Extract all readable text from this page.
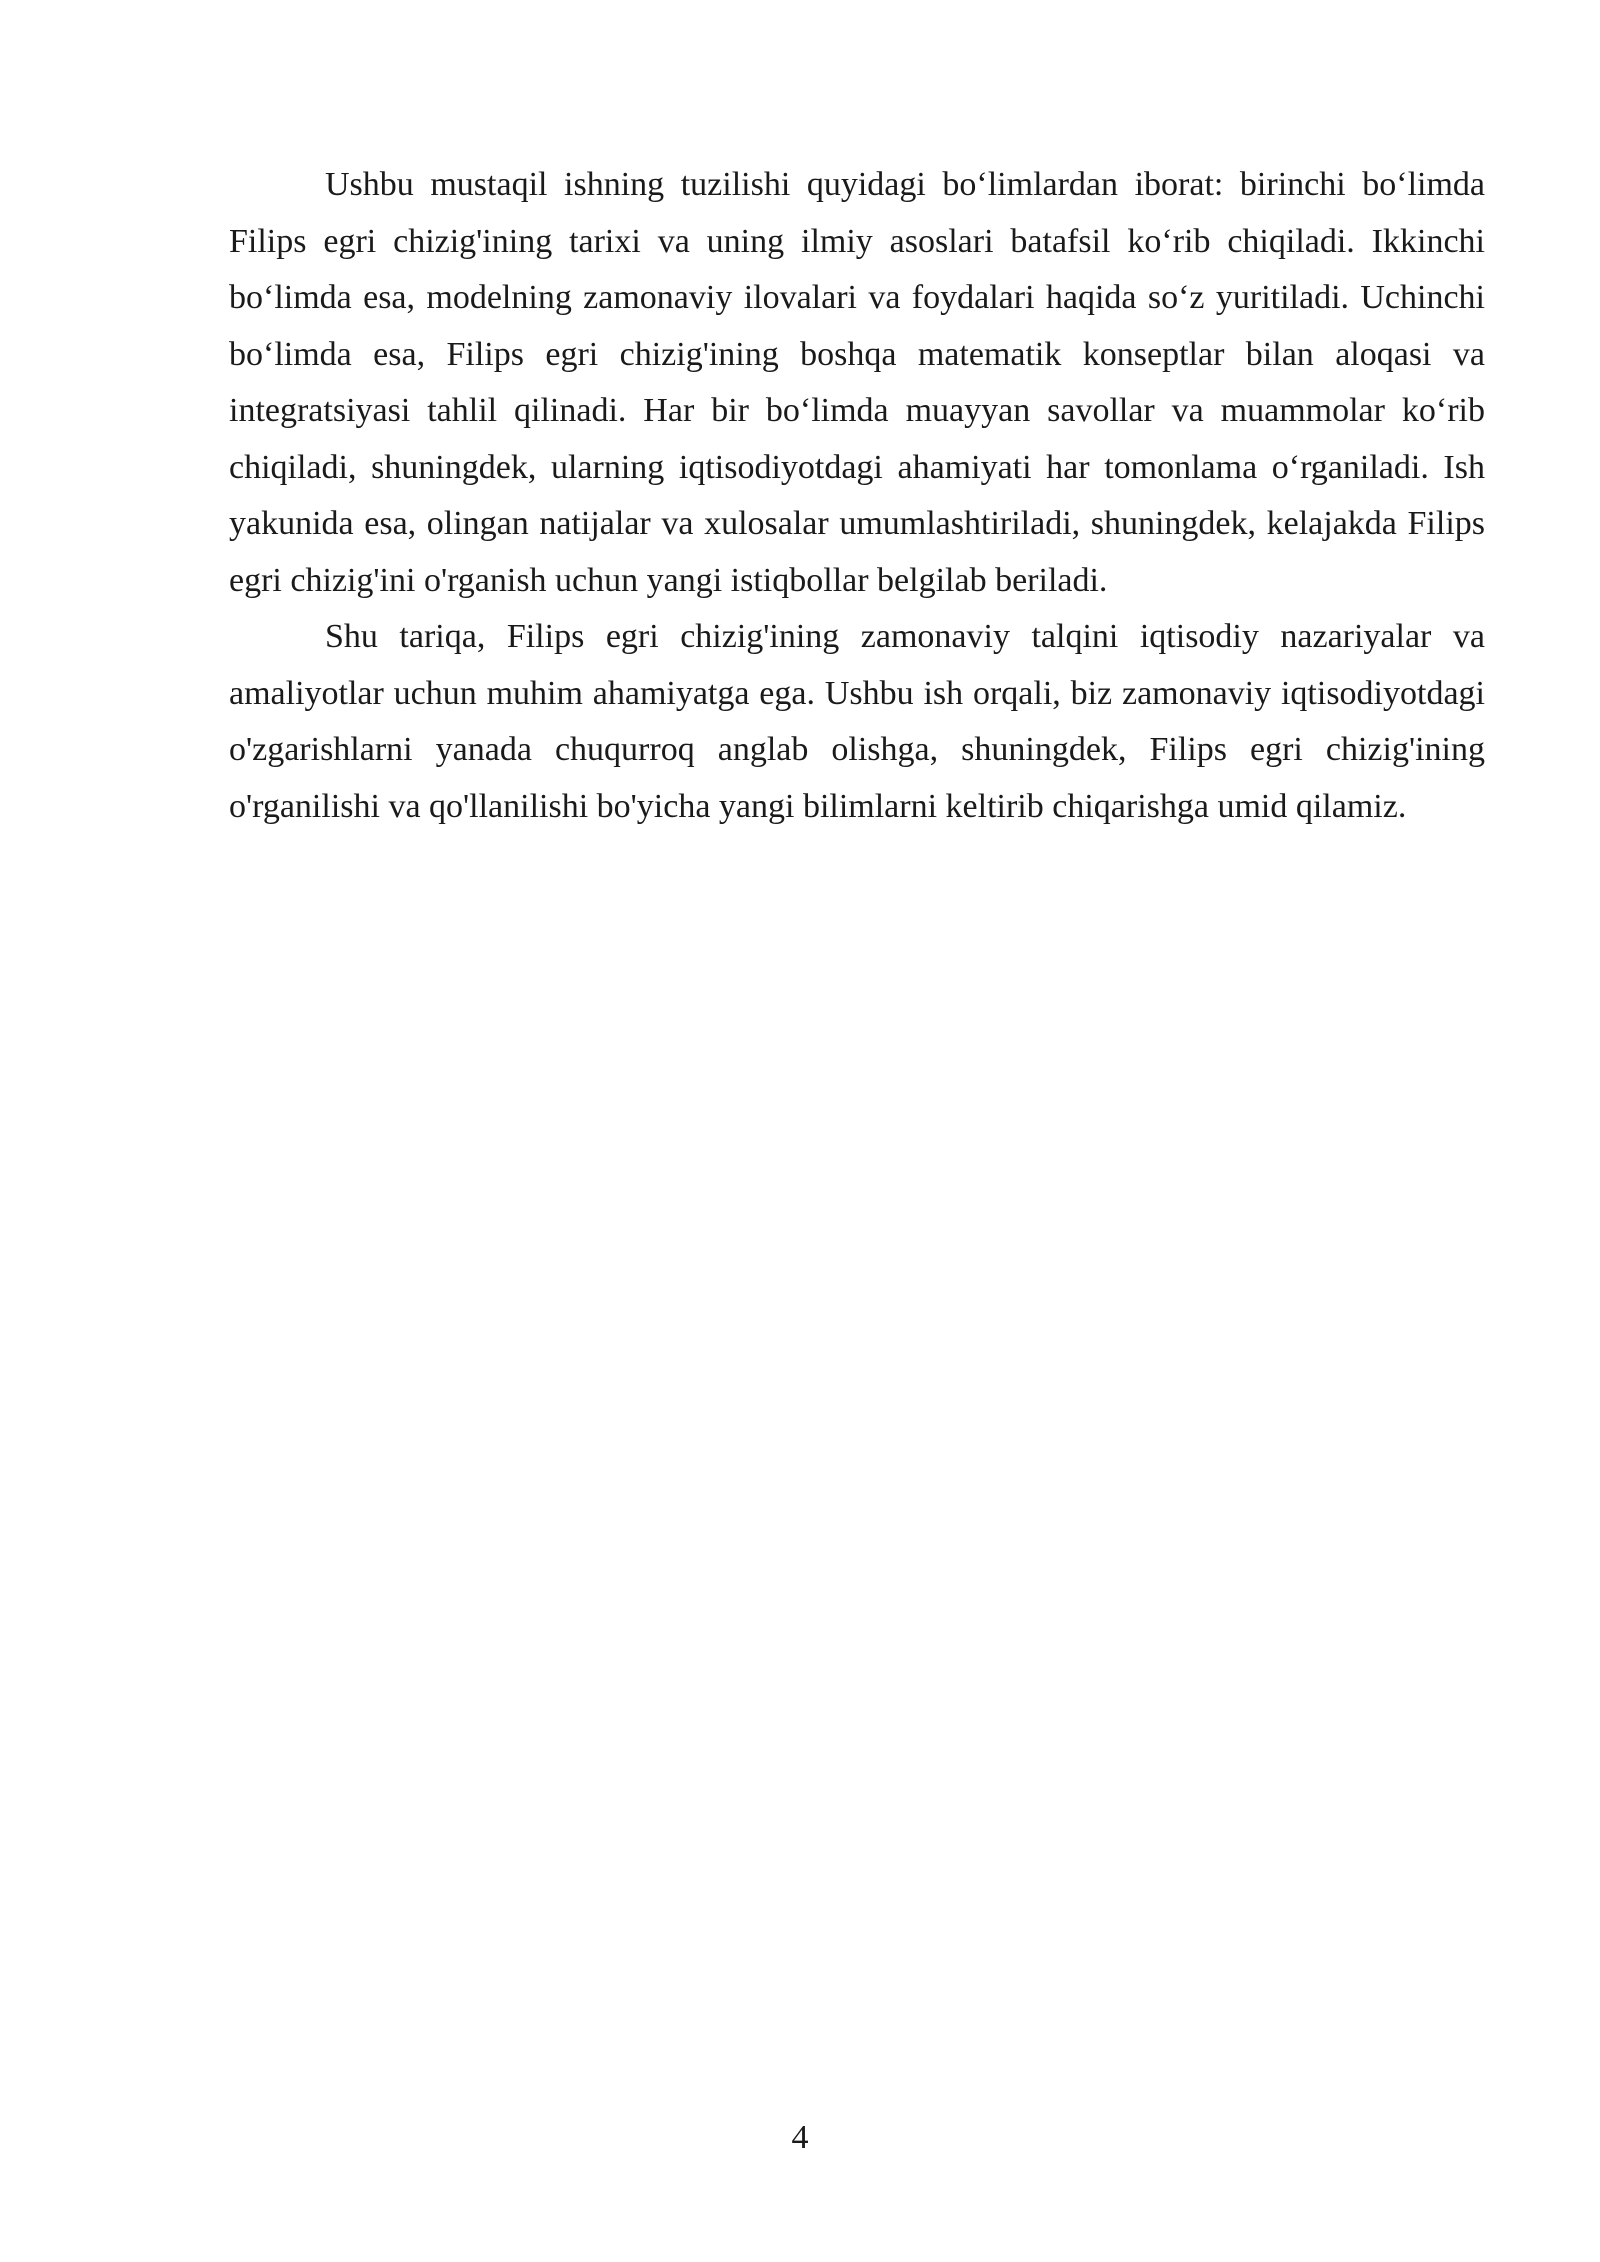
Ushbu mustaqil ishning tuzilishi quyidagi bo‘limlardan iborat: birinchi bo‘limda Filips egri chizig'ining tarixi va uning ilmiy asoslari batafsil ko‘rib chiqiladi. Ikkinchi bo‘limda esa, modelning zamonaviy ilovalari va foydalari haqida so‘z yuritiladi. Uchinchi bo‘limda esa, Filips egri chizig'ining boshqa matematik konseptlar bilan aloqasi va integratsiyasi tahlil qilinadi. Har bir bo‘limda muayyan savollar va muammolar ko‘rib chiqiladi, shuningdek, ularning iqtisodiyotdagi ahamiyati har tomonlama o‘rganiladi. Ish yakunida esa, olingan natijalar va xulosalar umumlashtiriladi, shuningdek, kelajakda Filips egri chizig'ini o'rganish uchun yangi istiqbollar belgilab beriladi.

Shu tariqa, Filips egri chizig'ining zamonaviy talqini iqtisodiy nazariyalar va amaliyotlar uchun muhim ahamiyatga ega. Ushbu ish orqali, biz zamonaviy iqtisodiyotdagi o'zgarishlarni yanada chuqurroq anglab olishga, shuningdek, Filips egri chizig'ining o'rganilishi va qo'llanilishi bo'yicha yangi bilimlarni keltirib chiqarishga umid qilamiz.

4
